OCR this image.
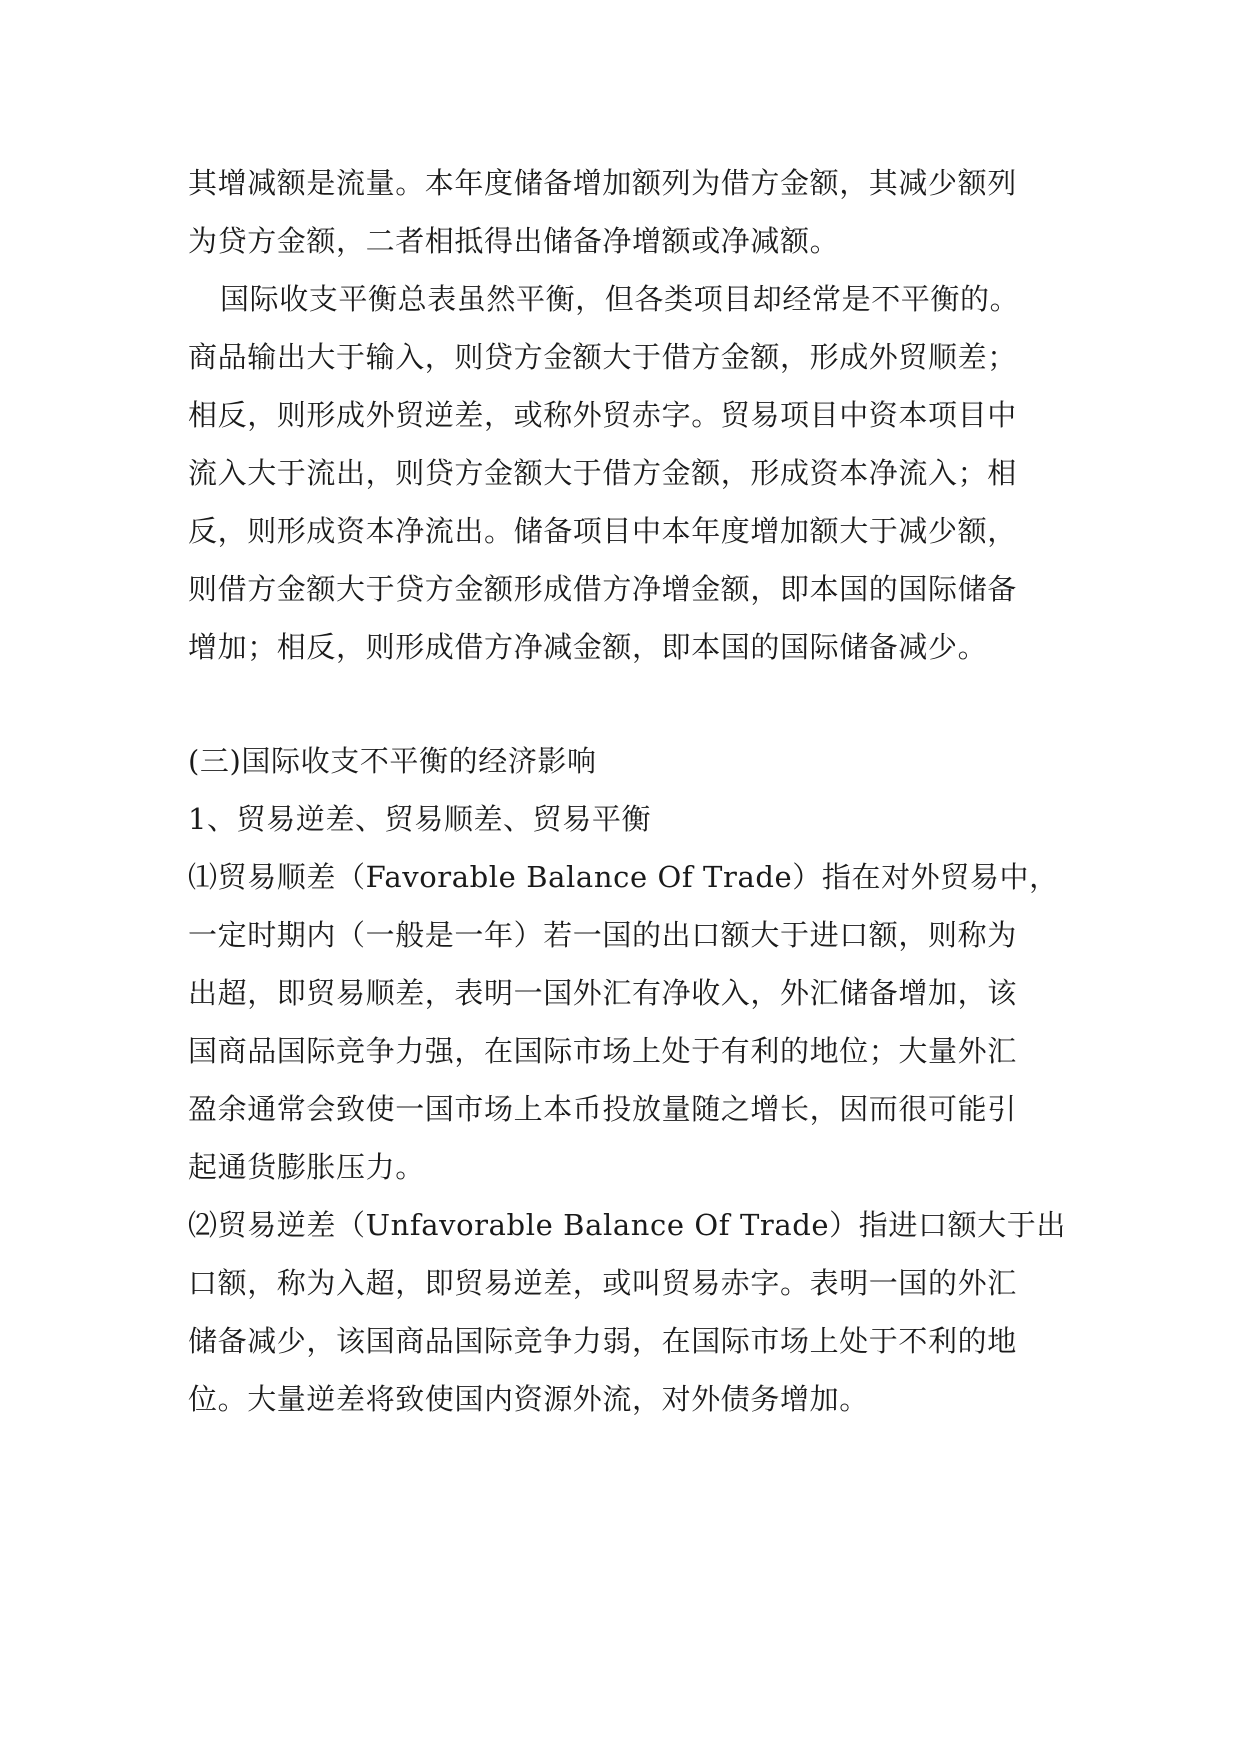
其增减额是流量。本年度储备增加额列为借方金额，其减少额列
为贷方金额，二者相抵得出储备净增额或净减额。
国际收支平衡总表虽然平衡，但各类项目却经常是不平衡的。
商品输出大于输入，则贷方金额大于借方金额，形成外贸顺差；
相反，则形成外贸逆差，或称外贸赤字。贸易项目中资本项目中
流入大于流出，则贷方金额大于借方金额，形成资本净流入；相
反，则形成资本净流出。储备项目中本年度增加额大于减少额，
则借方金额大于贷方金额形成借方净增金额，即本国的国际储备
增加；相反，则形成借方净减金额，即本国的国际储备减少。
(三)国际收支不平衡的经济影响
1、贸易逆差、贸易顺差、贸易平衡
⑴贸易顺差（Favorable Balance Of Trade）指在对外贸易中，
一定时期内（一般是一年）若一国的出口额大于进口额，则称为
出超，即贸易顺差，表明一国外汇有净收入，外汇储备增加，该
国商品国际竞争力强，在国际市场上处于有利的地位；大量外汇
盈余通常会致使一国市场上本币投放量随之增长，因而很可能引
起通货膨胀压力。
⑵贸易逆差（Unfavorable Balance Of Trade）指进口额大于出
口额，称为入超，即贸易逆差，或叫贸易赤字。表明一国的外汇
储备减少，该国商品国际竞争力弱，在国际市场上处于不利的地
位。大量逆差将致使国内资源外流，对外债务增加。
